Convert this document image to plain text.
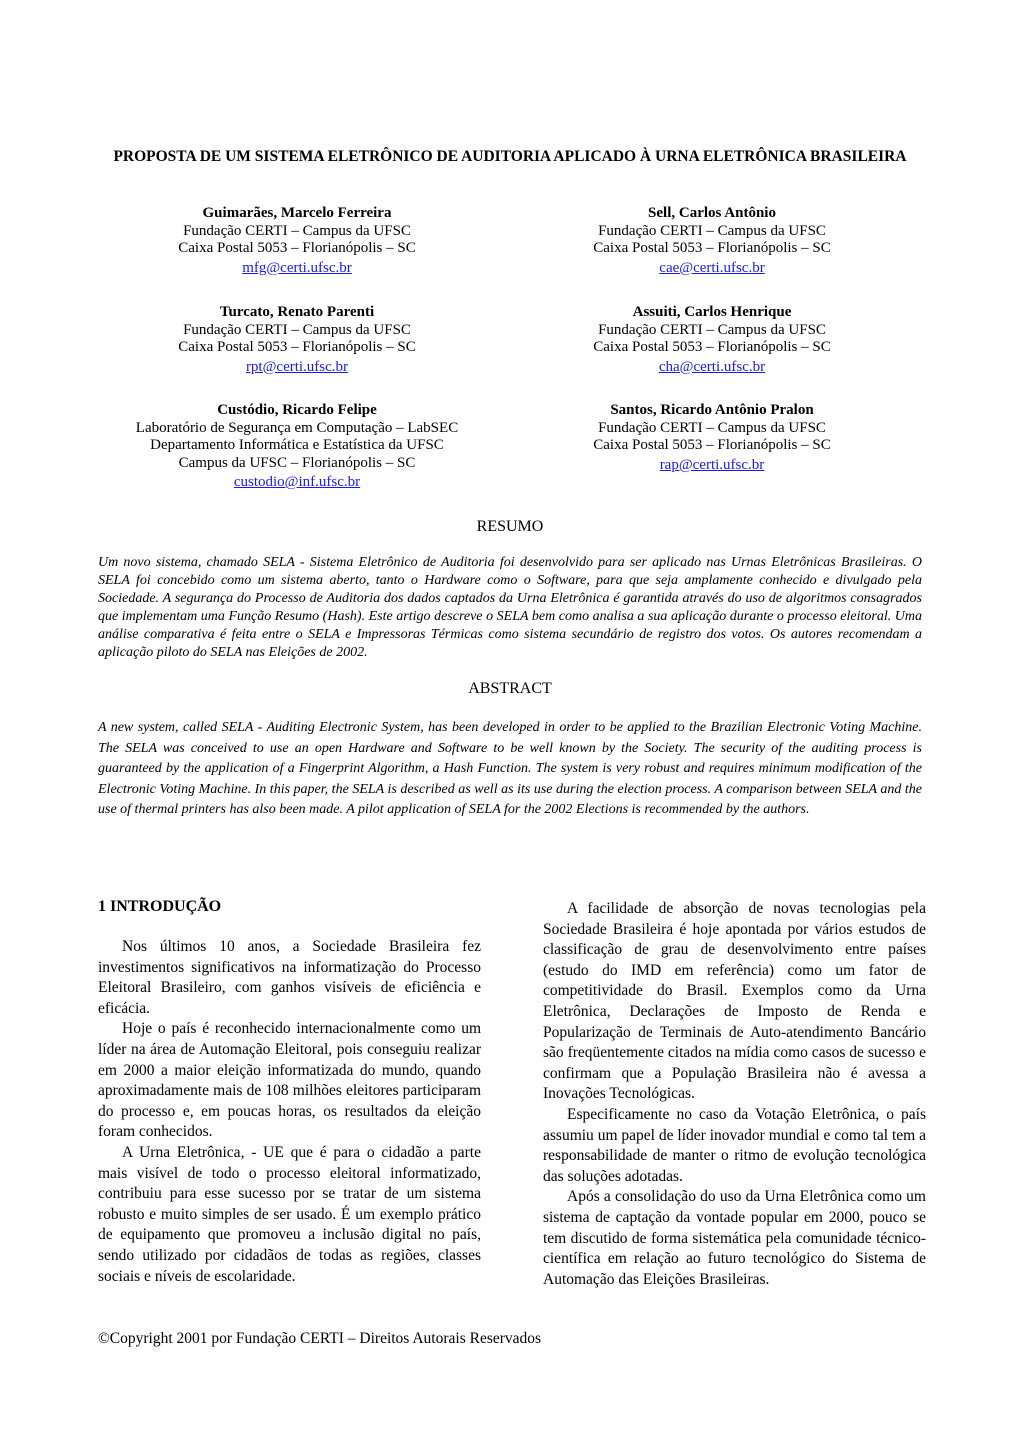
PROPOSTA DE UM SISTEMA ELETRÔNICO DE AUDITORIA APLICADO À URNA ELETRÔNICA BRASILEIRA
Guimarães, Marcelo Ferreira
Fundação CERTI – Campus da UFSC
Caixa Postal 5053 – Florianópolis – SC
mfg@certi.ufsc.br
Sell, Carlos Antônio
Fundação CERTI – Campus da UFSC
Caixa Postal 5053 – Florianópolis – SC
cae@certi.ufsc.br
Turcato, Renato Parenti
Fundação CERTI – Campus da UFSC
Caixa Postal 5053 – Florianópolis – SC
rpt@certi.ufsc.br
Assuiti, Carlos Henrique
Fundação CERTI – Campus da UFSC
Caixa Postal 5053 – Florianópolis – SC
cha@certi.ufsc.br
Custódio, Ricardo Felipe
Laboratório de Segurança em Computação – LabSEC
Departamento Informática e Estatística da UFSC
Campus da UFSC – Florianópolis – SC
custodio@inf.ufsc.br
Santos, Ricardo Antônio Pralon
Fundação CERTI – Campus da UFSC
Caixa Postal 5053 – Florianópolis – SC
rap@certi.ufsc.br
RESUMO
Um novo sistema, chamado SELA - Sistema Eletrônico de Auditoria foi desenvolvido para ser aplicado nas Urnas Eletrônicas Brasileiras. O SELA foi concebido como um sistema aberto, tanto o Hardware como o Software, para que seja amplamente conhecido e divulgado pela Sociedade. A segurança do Processo de Auditoria dos dados captados da Urna Eletrônica é garantida através do uso de algoritmos consagrados que implementam uma Função Resumo (Hash). Este artigo descreve o SELA bem como analisa a sua aplicação durante o processo eleitoral. Uma análise comparativa é feita entre o SELA e Impressoras Térmicas como sistema secundário de registro dos votos. Os autores recomendam a aplicação piloto do SELA nas Eleições de 2002.
ABSTRACT
A new system, called SELA - Auditing Electronic System, has been developed in order to be applied to the Brazilian Electronic Voting Machine. The SELA was conceived to use an open Hardware and Software to be well known by the Society. The security of the auditing process is guaranteed by the application of a Fingerprint Algorithm, a Hash Function. The system is very robust and requires minimum modification of the Electronic Voting Machine. In this paper, the SELA is described as well as its use during the election process. A comparison between SELA and the use of thermal printers has also been made. A pilot application of SELA for the 2002 Elections is recommended by the authors.
1 INTRODUÇÃO

Nos últimos 10 anos, a Sociedade Brasileira fez investimentos significativos na informatização do Processo Eleitoral Brasileiro, com ganhos visíveis de eficiência e eficácia.

Hoje o país é reconhecido internacionalmente como um líder na área de Automação Eleitoral, pois conseguiu realizar em 2000 a maior eleição informatizada do mundo, quando aproximadamente mais de 108 milhões eleitores participaram do processo e, em poucas horas, os resultados da eleição foram conhecidos.

A Urna Eletrônica, - UE que é para o cidadão a parte mais visível de todo o processo eleitoral informatizado, contribuiu para esse sucesso por se tratar de um sistema robusto e muito simples de ser usado. É um exemplo prático de equipamento que promoveu a inclusão digital no país, sendo utilizado por cidadãos de todas as regiões, classes sociais e níveis de escolaridade.

A facilidade de absorção de novas tecnologias pela Sociedade Brasileira é hoje apontada por vários estudos de classificação de grau de desenvolvimento entre países (estudo do IMD em referência) como um fator de competitividade do Brasil. Exemplos como da Urna Eletrônica, Declarações de Imposto de Renda e Popularização de Terminais de Auto-atendimento Bancário são freqüentemente citados na mídia como casos de sucesso e confirmam que a População Brasileira não é avessa a Inovações Tecnológicas.

Especificamente no caso da Votação Eletrônica, o país assumiu um papel de líder inovador mundial e como tal tem a responsabilidade de manter o ritmo de evolução tecnológica das soluções adotadas.

Após a consolidação do uso da Urna Eletrônica como um sistema de captação da vontade popular em 2000, pouco se tem discutido de forma sistemática pela comunidade técnico-científica em relação ao futuro tecnológico do Sistema de Automação das Eleições Brasileiras.

©Copyright 2001 por Fundação CERTI – Direitos Autorais Reservados
